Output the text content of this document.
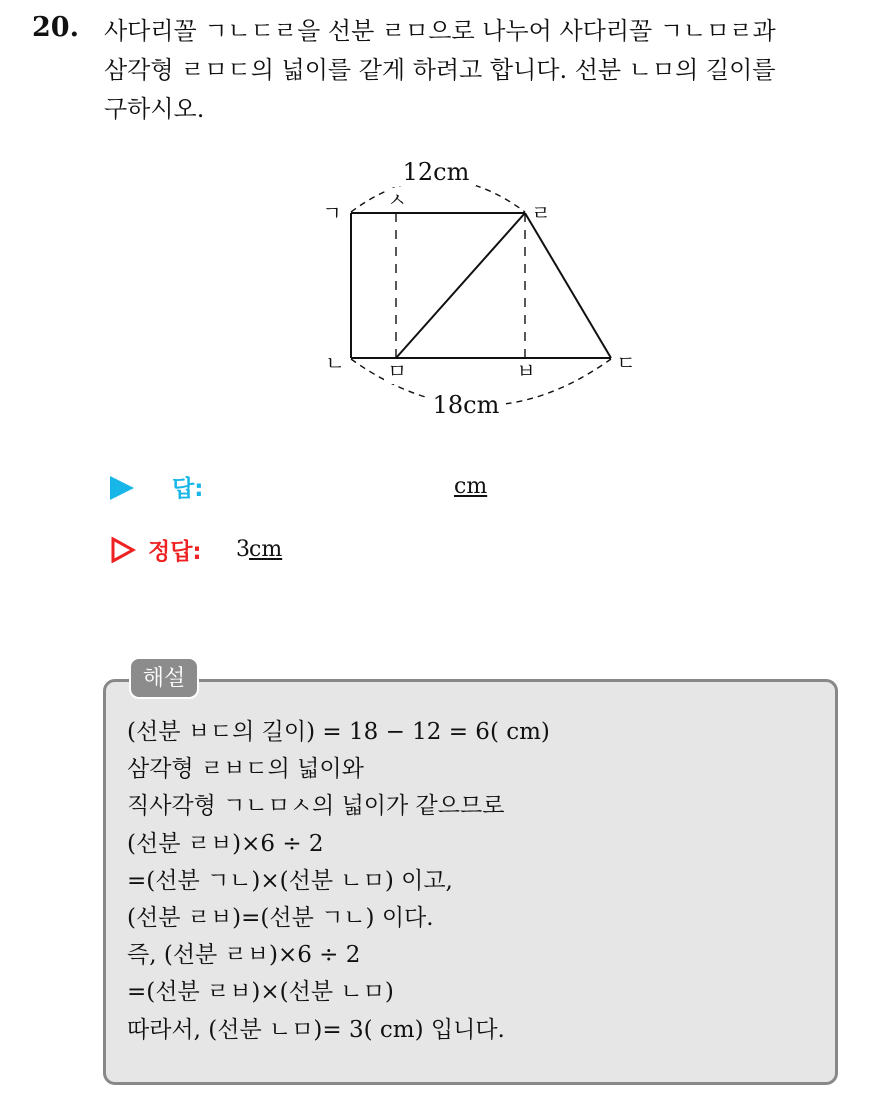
20. 사다리꼴 ㄱㄴㄷㄹ을 선분 ㄹㅁ으로 나누어 사다리꼴 ㄱㄴㅁㄹ과
삼각형 ㄹㅁㄷ의 넓이를 같게 하려고 합니다. 선분 ㄴㅁ의 길이를
구하시오.
12cm
18cm
ㄱ
ㅅ
ㄹ
ㄴ ㅁ	ㅂ	ㄷ
답:	cm
정답: 3 cm
해설
(선분 ㅂㄷ의 길이) = 18 − 12 = 6( cm)
삼각형 ㄹㅂㄷ의 넓이와
직사각형 ㄱㄴㅁㅅ의 넓이가 같으므로
(선분 ㄹㅂ)×6 ÷ 2
=(선분 ㄱㄴ)×(선분 ㄴㅁ) 이고,
(선분 ㄹㅂ)=(선분 ㄱㄴ) 이다.
즉, (선분 ㄹㅂ)×6 ÷ 2
=(선분 ㄹㅂ)×(선분 ㄴㅁ)
따라서, (선분 ㄴㅁ)= 3( cm) 입니다.
